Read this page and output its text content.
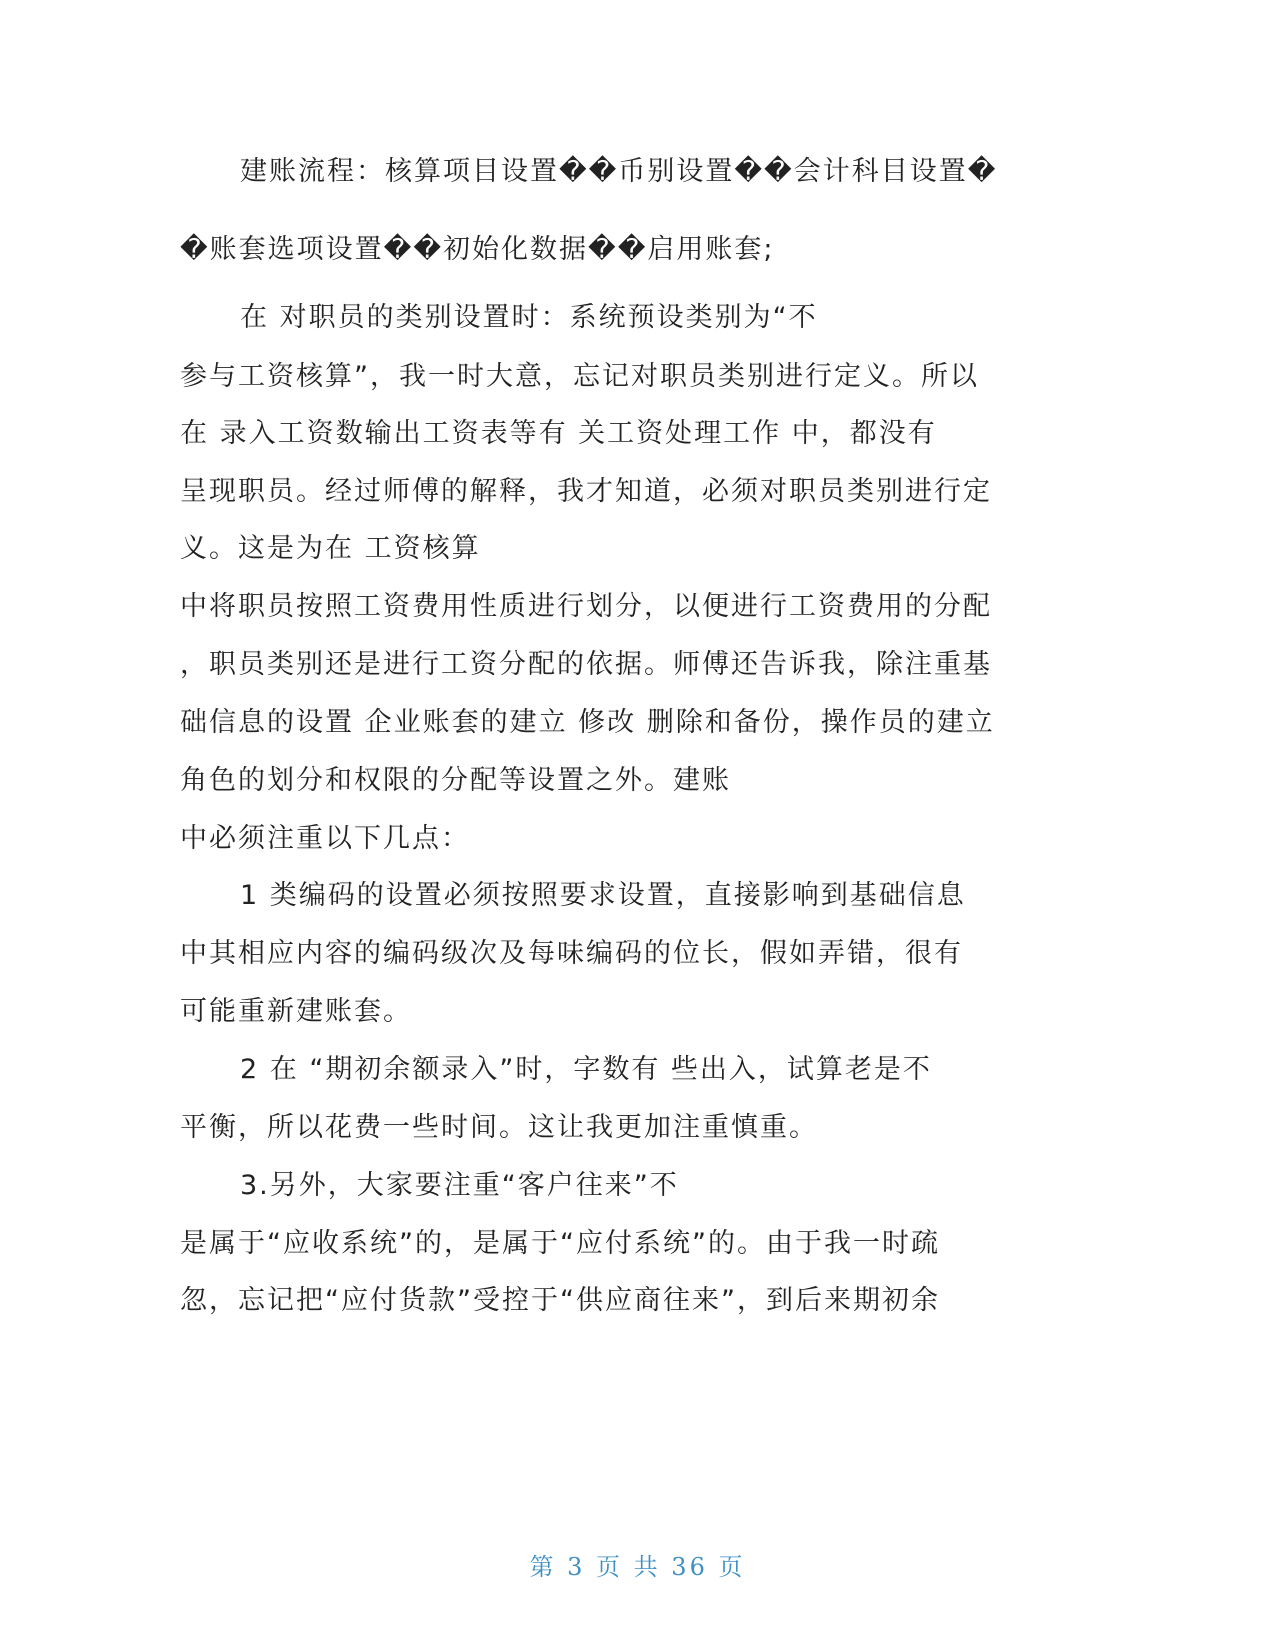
建账流程：核算项目设置��币别设置��会计科目设置�
�账套选项设置��初始化数据��启用账套;
在 对职员的类别设置时：系统预设类别为“不
参与工资核算”，我一时大意，忘记对职员类别进行定义。所以
在 录入工资数输出工资表等有 关工资处理工作 中，都没有
呈现职员。经过师傅的解释，我才知道，必须对职员类别进行定
义。这是为在 工资核算
中将职员按照工资费用性质进行划分，以便进行工资费用的分配
，职员类别还是进行工资分配的依据。师傅还告诉我，除注重基
础信息的设置 企业账套的建立 修改 删除和备份，操作员的建立
角色的划分和权限的分配等设置之外。建账
中必须注重以下几点：
1 类编码的设置必须按照要求设置，直接影响到基础信息
中其相应内容的编码级次及每味编码的位长，假如弄错，很有
可能重新建账套。
2 在 “期初余额录入”时，字数有 些出入，试算老是不
平衡，所以花费一些时间。这让我更加注重慎重。
3.另外，大家要注重“客户往来”不
是属于“应收系统”的，是属于“应付系统”的。由于我一时疏
忽，忘记把“应付货款”受控于“供应商往来”，到后来期初余
第 3 页 共 36 页
